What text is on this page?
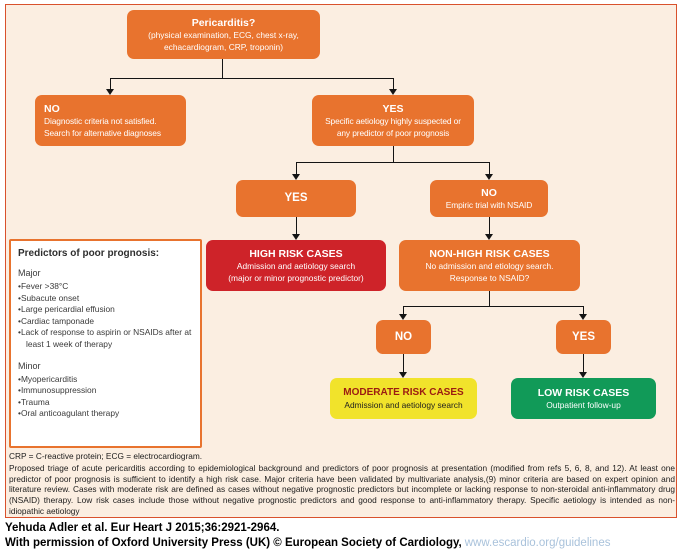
Pericarditis?
(physical examination, ECG, chest x-ray,
echacardiogram, CRP, troponin)
NO
Diagnostic criteria not satisfied.
Search for alternative diagnoses
YES
Specific aetiology highly suspected or
any predictor of poor prognosis
YES	NO
Empiric trial with NSAID
HIGH RISK CASES
Admission and aetiology search
(major or minor prognostic predictor)
NON-HIGH RISK CASES
No admission and etiology search.
Response to NSAID?
NO	YES
MODERATE RISK CASES
Admission and aetiology search
LOW RISK CASES
Outpatient follow-up

Predictors of poor prognosis:

Major

• Fever >38°C
• Subacute onset
• Large pericardial effusion
• Cardiac tamponade
• Lack of response to aspirin or NSAIDs after at least 1 week of therapy

Minor

• Myopericarditis
• Immunosuppression
• Trauma
• Oral anticoagulant therapy

CRP = C-reactive protein; ECG = electrocardiogram.

Proposed triage of acute pericarditis according to epidemiological background and predictors of poor prognosis at presentation (modified from refs 5, 6, 8, and 12). At least one predictor of poor prognosis is sufficient to identify a high risk case. Major criteria have been validated by multivariate analysis,(9) minor criteria are based on expert opinion and literature review. Cases with moderate risk are defined as cases without negative prognostic predictors but incomplete or lacking response to non-steroidal anti-inflammatory drug (NSAID) therapy. Low risk cases include those without negative prognostic predictors and good response to anti-inflammatory therapy. Specific aetiology is intended as non-idiopathic aetiology

Yehuda Adler et al. Eur Heart J 2015;36:2921-2964.
With permission of Oxford University Press (UK) © European Society of Cardiology, www.escardio.org/guidelines
